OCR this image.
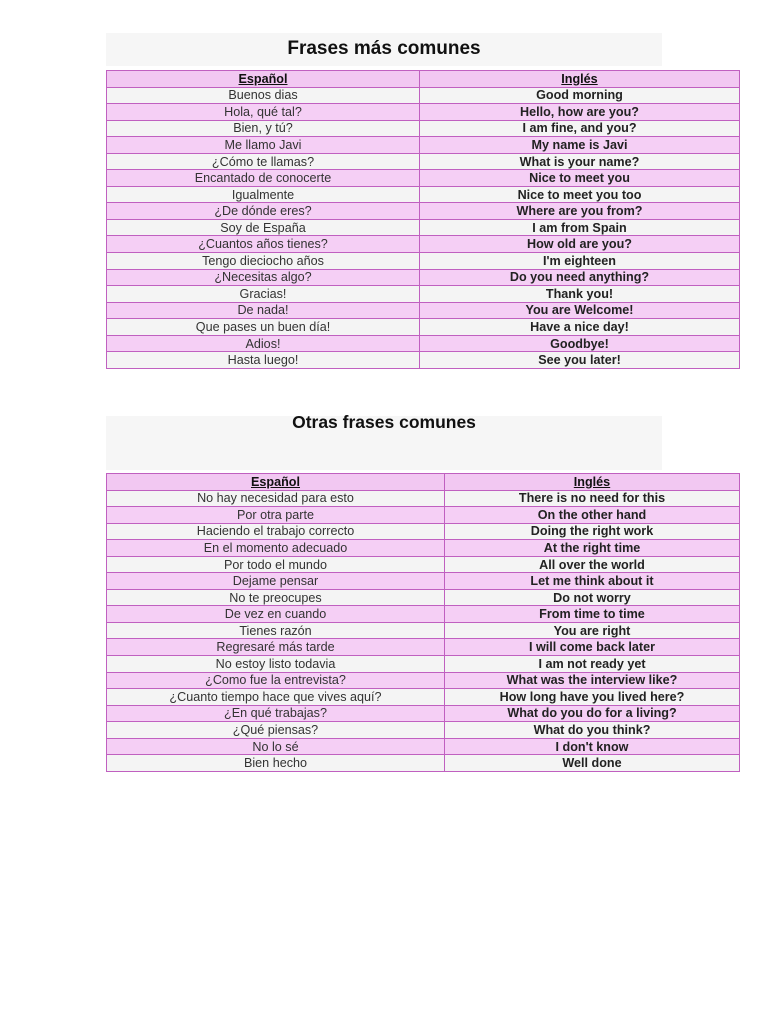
Frases más comunes
Español	Inglés
Buenos dias	Good morning
Hola, qué tal?	Hello, how are you?
Bien, y tú?	I am fine, and you?
Me llamo Javi	My name is Javi
¿Cómo te llamas?	What is your name?
Encantado de conocerte	Nice to meet you
Igualmente	Nice to meet you too
¿De dónde eres?	Where are you from?
Soy de España	I am from Spain
¿Cuantos años tienes?	How old are you?
Tengo dieciocho años	I'm eighteen
¿Necesitas algo?	Do you need anything?
Gracias!	Thank you!
De nada!	You are Welcome!
Que pases un buen día!	Have a nice day!
Adios!	Goodbye!
Hasta luego!	See you later!
Otras frases comunes
Español	Inglés
No hay necesidad para esto	There is no need for this
Por otra parte	On the other hand
Haciendo el trabajo correcto	Doing the right work
En el momento adecuado	At the right time
Por todo el mundo	All over the world
Dejame pensar	Let me think about it
No te preocupes	Do not worry
De vez en cuando	From time to time
Tienes razón	You are right
Regresaré más tarde	I will come back later
No estoy listo todavia	I am not ready yet
¿Como fue la entrevista?	What was the interview like?
¿Cuanto tiempo hace que vives aquí?	How long have you lived here?
¿En qué trabajas?	What do you do for a living?
¿Qué piensas?	What do you think?
No lo sé	I don't know
Bien hecho	Well done
